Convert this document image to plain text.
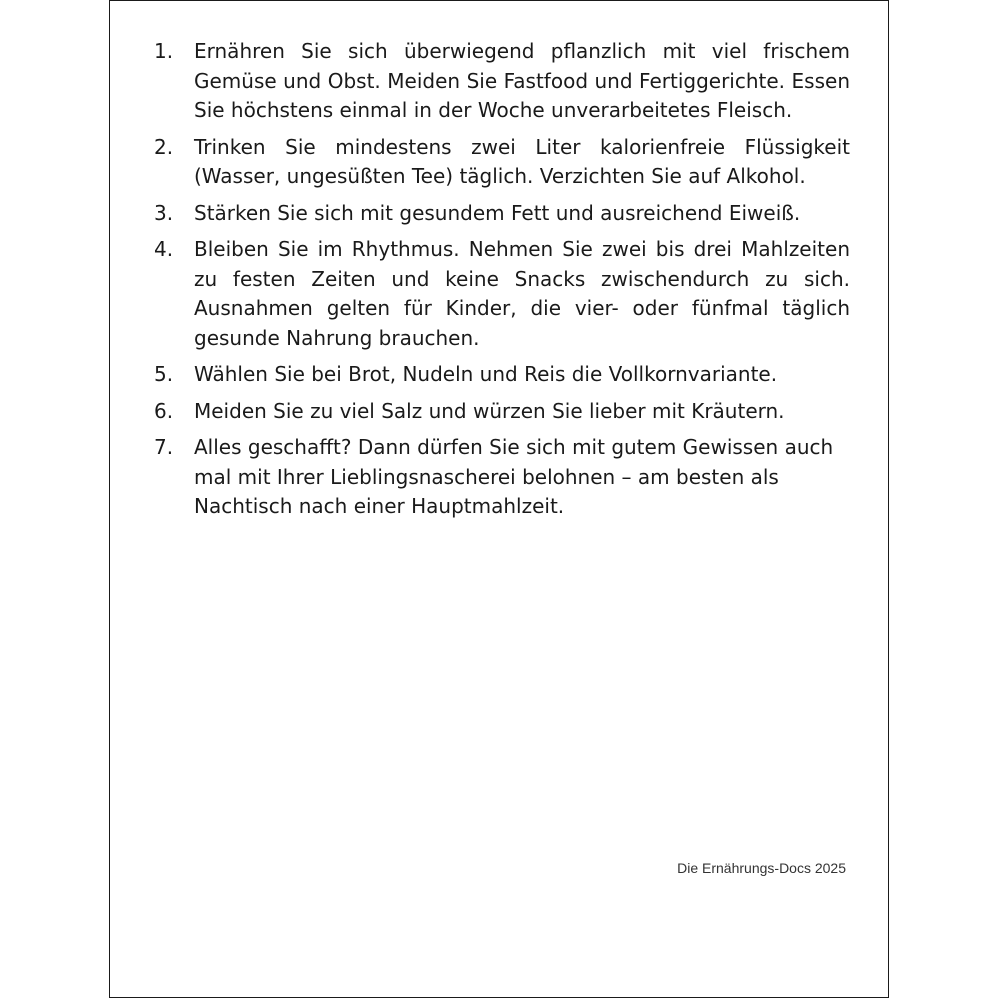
1.	Ernähren Sie sich überwiegend pflanzlich mit viel frischem Gemüse und Obst. Meiden Sie Fastfood und Fertiggerichte. Essen Sie höchstens einmal in der Woche unverarbeitetes Fleisch.
2.	Trinken Sie mindestens zwei Liter kalorienfreie Flüssigkeit (Wasser, ungesüßten Tee) täglich. Verzichten Sie auf Alkohol.
3.	Stärken Sie sich mit gesundem Fett und ausreichend Eiweiß.
4.	Bleiben Sie im Rhythmus. Nehmen Sie zwei bis drei Mahlzeiten zu festen Zeiten und keine Snacks zwischendurch zu sich. Ausnahmen gelten für Kinder, die vier- oder fünfmal täglich gesunde Nahrung brauchen.
5.	Wählen Sie bei Brot, Nudeln und Reis die Vollkornvariante.
6.	Meiden Sie zu viel Salz und würzen Sie lieber mit Kräutern.
7.	Alles geschafft? Dann dürfen Sie sich mit gutem Gewissen auch mal mit Ihrer Lieblingsnascherei belohnen – am besten als Nachtisch nach einer Hauptmahlzeit.
Die Ernährungs-Docs 2025
